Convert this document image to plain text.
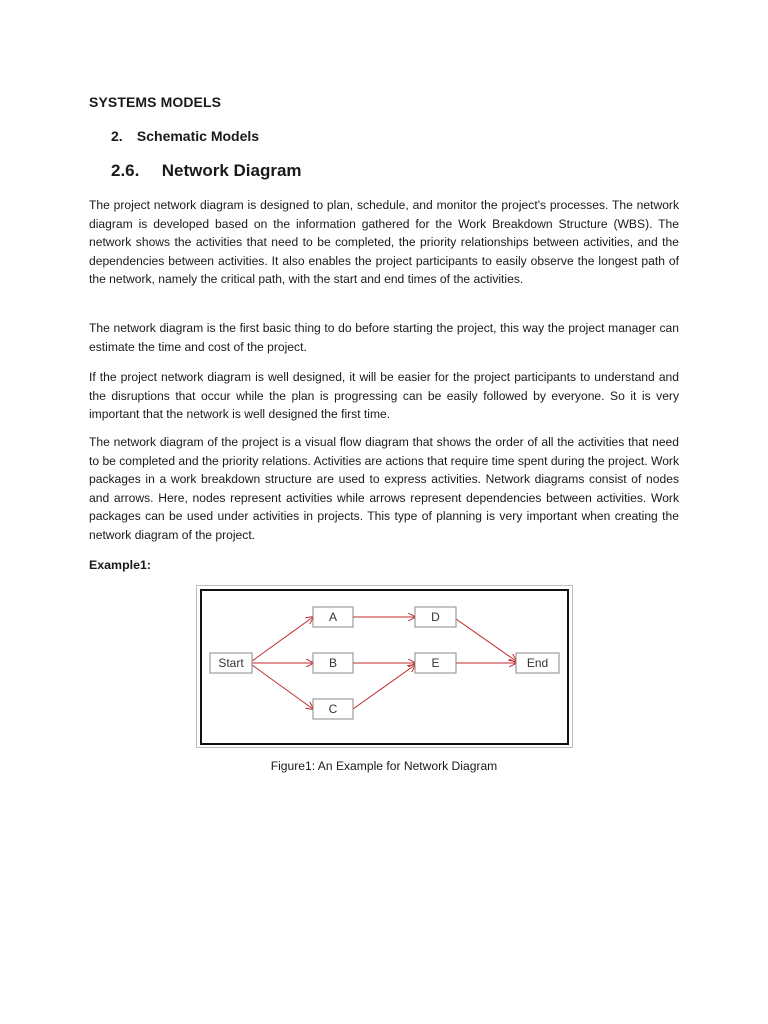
SYSTEMS MODELS
2. Schematic Models
2.6. Network Diagram

The project network diagram is designed to plan, schedule, and monitor the project's processes. The network diagram is developed based on the information gathered for the Work Breakdown Structure (WBS). The network shows the activities that need to be completed, the priority relationships between activities, and the dependencies between activities. It also enables the project participants to easily observe the longest path of the network, namely the critical path, with the start and end times of the activities.

The network diagram is the first basic thing to do before starting the project, this way the project manager can estimate the time and cost of the project.

If the project network diagram is well designed, it will be easier for the project participants to understand and the disruptions that occur while the plan is progressing can be easily followed by everyone. So it is very important that the network is well designed the first time.

The network diagram of the project is a visual flow diagram that shows the order of all the activities that need to be completed and the priority relations. Activities are actions that require time spent during the project. Work packages in a work breakdown structure are used to express activities. Network diagrams consist of nodes and arrows. Here, nodes represent activities while arrows represent dependencies between activities. Work packages can be used under activities in projects. This type of planning is very important when creating the network diagram of the project.

Example1:
Start
A
B
C
D
E	End
Figure1: An Example for Network Diagram
